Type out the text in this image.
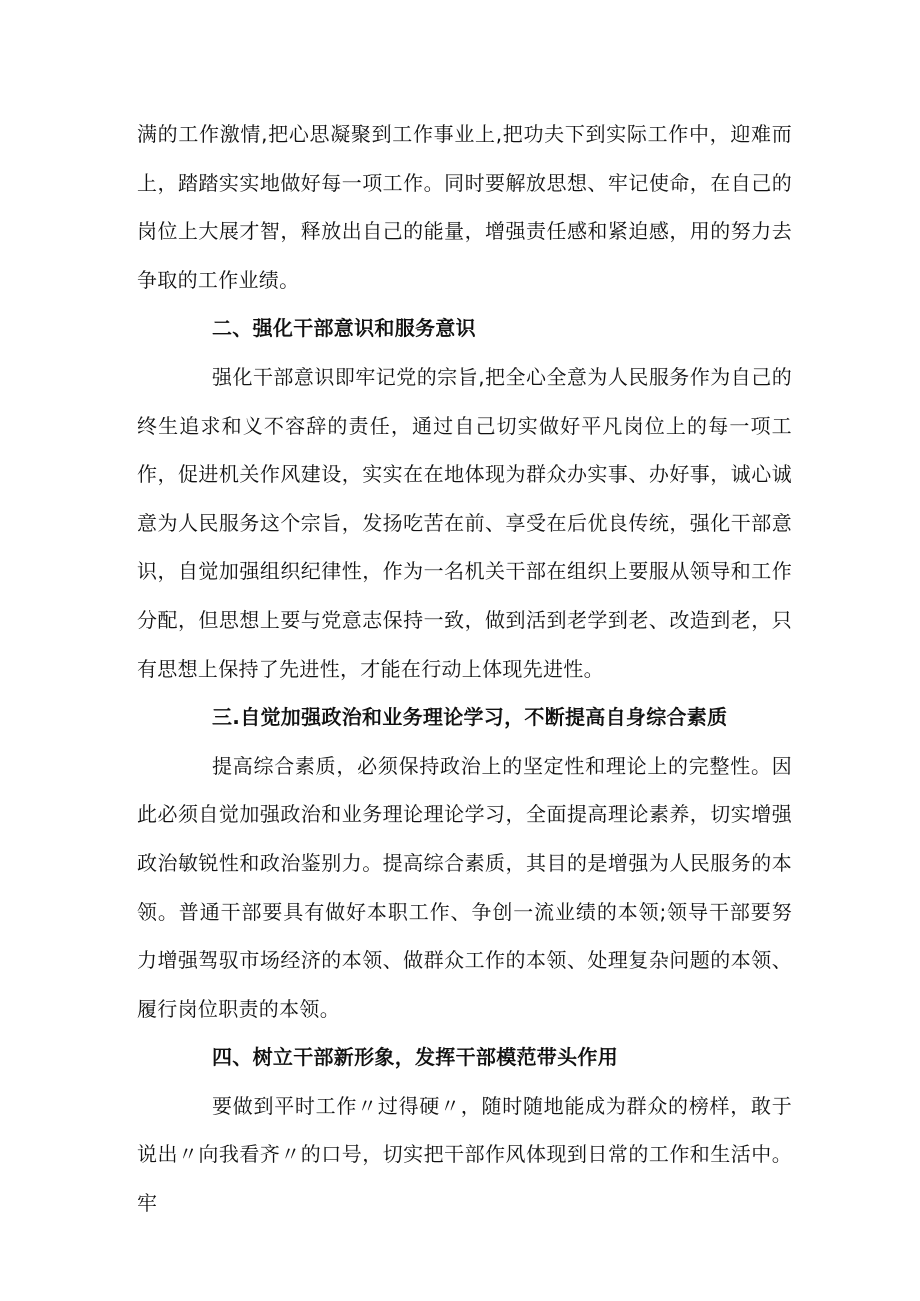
满的工作激情,把心思凝聚到工作事业上,把功夫下到实际工作中，迎难而上，踏踏实实地做好每一项工作。同时要解放思想、牢记使命，在自己的岗位上大展才智，释放出自己的能量，增强责任感和紧迫感，用的努力去争取的工作业绩。

二、强化干部意识和服务意识

强化干部意识即牢记党的宗旨,把全心全意为人民服务作为自己的终生追求和义不容辞的责任，通过自己切实做好平凡岗位上的每一项工作，促进机关作风建设，实实在在地体现为群众办实事、办好事，诚心诚意为人民服务这个宗旨，发扬吃苦在前、享受在后优良传统，强化干部意识，自觉加强组织纪律性，作为一名机关干部在组织上要服从领导和工作分配，但思想上要与党意志保持一致，做到活到老学到老、改造到老，只有思想上保持了先进性，才能在行动上体现先进性。

三.自觉加强政治和业务理论学习，不断提高自身综合素质

提高综合素质，必须保持政治上的坚定性和理论上的完整性。因此必须自觉加强政治和业务理论理论学习，全面提高理论素养，切实增强政治敏锐性和政治鉴别力。提高综合素质，其目的是增强为人民服务的本领。普通干部要具有做好本职工作、争创一流业绩的本领;领导干部要努力增强驾驭市场经济的本领、做群众工作的本领、处理复杂问题的本领、履行岗位职责的本领。

四、树立干部新形象，发挥干部模范带头作用

要做到平时工作〃过得硬〃，随时随地能成为群众的榜样，敢于说出〃向我看齐〃的口号，切实把干部作风体现到日常的工作和生活中。牢
